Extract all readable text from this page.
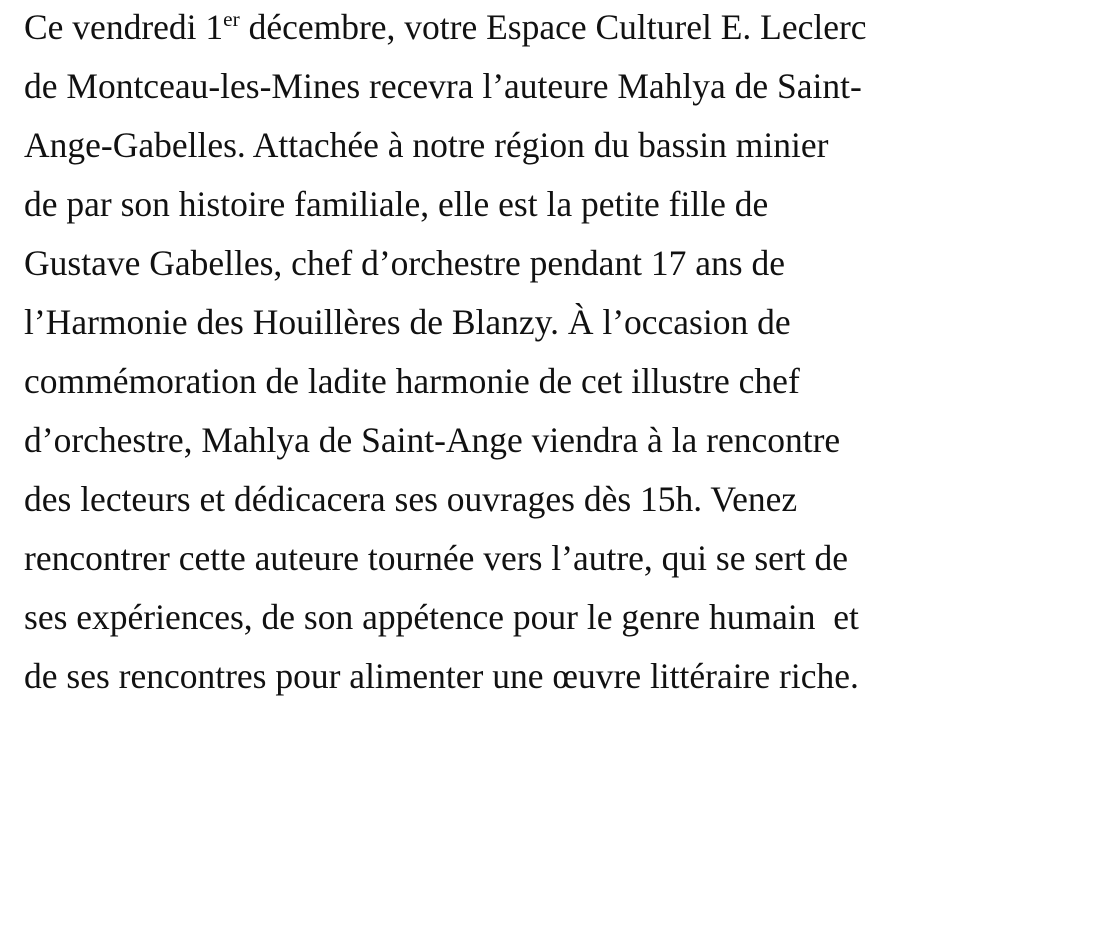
Ce vendredi 1er décembre, votre Espace Culturel E. Leclerc
de Montceau-les-Mines recevra l’auteure Mahlya de Saint-
Ange-Gabelles. Attachée à notre région du bassin minier
de par son histoire familiale, elle est la petite fille de
Gustave Gabelles, chef d’orchestre pendant 17 ans de
l’Harmonie des Houillères de Blanzy. À l’occasion de
commémoration de ladite harmonie de cet illustre chef
d’orchestre, Mahlya de Saint-Ange viendra à la rencontre
des lecteurs et dédicacera ses ouvrages dès 15h. Venez
rencontrer cette auteure tournée vers l’autre, qui se sert de
ses expériences, de son appétence pour le genre humain  et
de ses rencontres pour alimenter une œuvre littéraire riche.
